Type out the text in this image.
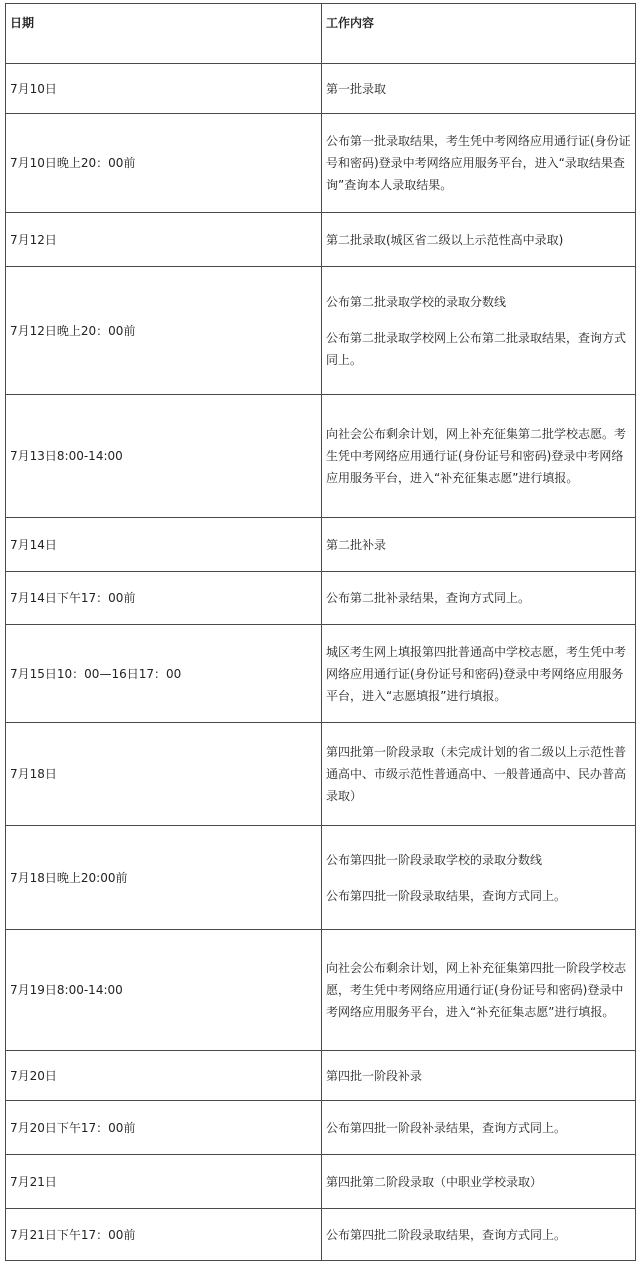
日期	工作内容
7月10日	第一批录取

7月10日晚上20：00前	公布第一批录取结果，考生凭中考网络应用通行证(身份证号和密码)登录中考网络应用服务平台，进入“录取结果查询”查询本人录取结果。

7月12日	第二批录取(城区省二级以上示范性高中录取)

7月12日晚上20：00前	公布第二批录取学校的录取分数线
公布第二批录取学校网上公布第二批录取结果，查询方式同上。

7月13日8:00-14:00	向社会公布剩余计划，网上补充征集第二批学校志愿。考生凭中考网络应用通行证(身份证号和密码)登录中考网络应用服务平台，进入“补充征集志愿”进行填报。

7月14日	第二批补录

7月14日下午17：00前	公布第二批补录结果，查询方式同上。

7月15日10：00—16日17：00	城区考生网上填报第四批普通高中学校志愿，考生凭中考网络应用通行证(身份证号和密码)登录中考网络应用服务平台，进入“志愿填报”进行填报。

7月18日	第四批第一阶段录取（未完成计划的省二级以上示范性普通高中、市级示范性普通高中、一般普通高中、民办普高录取）

7月18日晚上20:00前	公布第四批一阶段录取学校的录取分数线
公布第四批一阶段录取结果，查询方式同上。

7月19日8:00-14:00	向社会公布剩余计划，网上补充征集第四批一阶段学校志愿，考生凭中考网络应用通行证(身份证号和密码)登录中考网络应用服务平台，进入“补充征集志愿”进行填报。

7月20日	第四批一阶段补录

7月20日下午17：00前	公布第四批一阶段补录结果，查询方式同上。

7月21日	第四批第二阶段录取（中职业学校录取）

7月21日下午17：00前	公布第四批二阶段录取结果，查询方式同上。
